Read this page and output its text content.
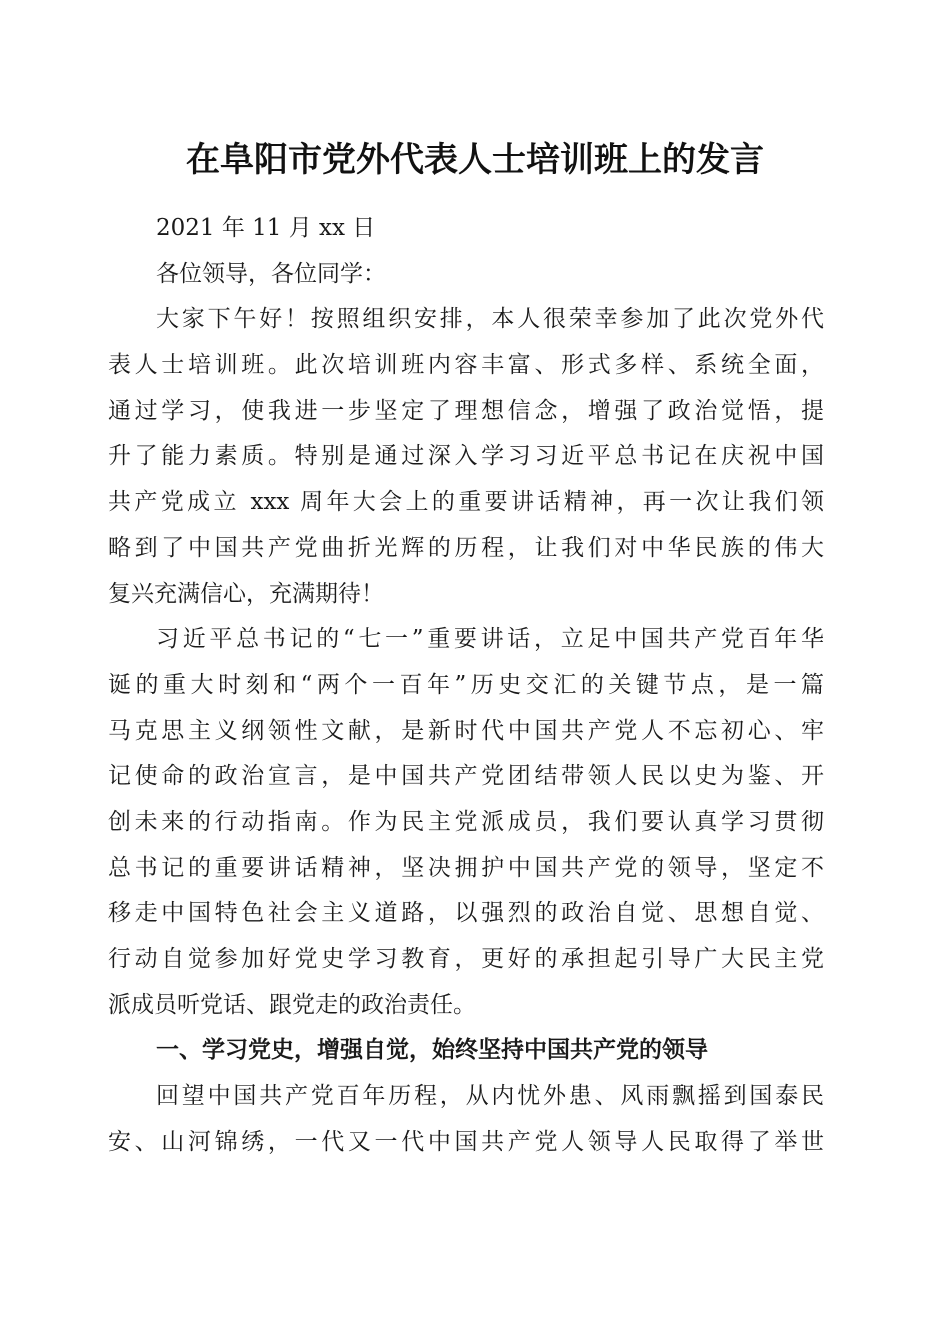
在阜阳市党外代表人士培训班上的发言
2021 年 11 月 xx 日
各位领导，各位同学：
大家下午好！按照组织安排，本人很荣幸参加了此次党外代
表人士培训班。此次培训班内容丰富、形式多样、系统全面，
通过学习，使我进一步坚定了理想信念，增强了政治觉悟，提
升了能力素质。特别是通过深入学习习近平总书记在庆祝中国
共产党成立 xxx 周年大会上的重要讲话精神，再一次让我们领
略到了中国共产党曲折光辉的历程，让我们对中华民族的伟大
复兴充满信心，充满期待！
习近平总书记的“七一”重要讲话，立足中国共产党百年华
诞的重大时刻和“两个一百年”历史交汇的关键节点，是一篇
马克思主义纲领性文献，是新时代中国共产党人不忘初心、牢
记使命的政治宣言，是中国共产党团结带领人民以史为鉴、开
创未来的行动指南。作为民主党派成员，我们要认真学习贯彻
总书记的重要讲话精神，坚决拥护中国共产党的领导，坚定不
移走中国特色社会主义道路，以强烈的政治自觉、思想自觉、
行动自觉参加好党史学习教育，更好的承担起引导广大民主党
派成员听党话、跟党走的政治责任。
一、学习党史，增强自觉，始终坚持中国共产党的领导
回望中国共产党百年历程，从内忧外患、风雨飘摇到国泰民
安、山河锦绣，一代又一代中国共产党人领导人民取得了举世
